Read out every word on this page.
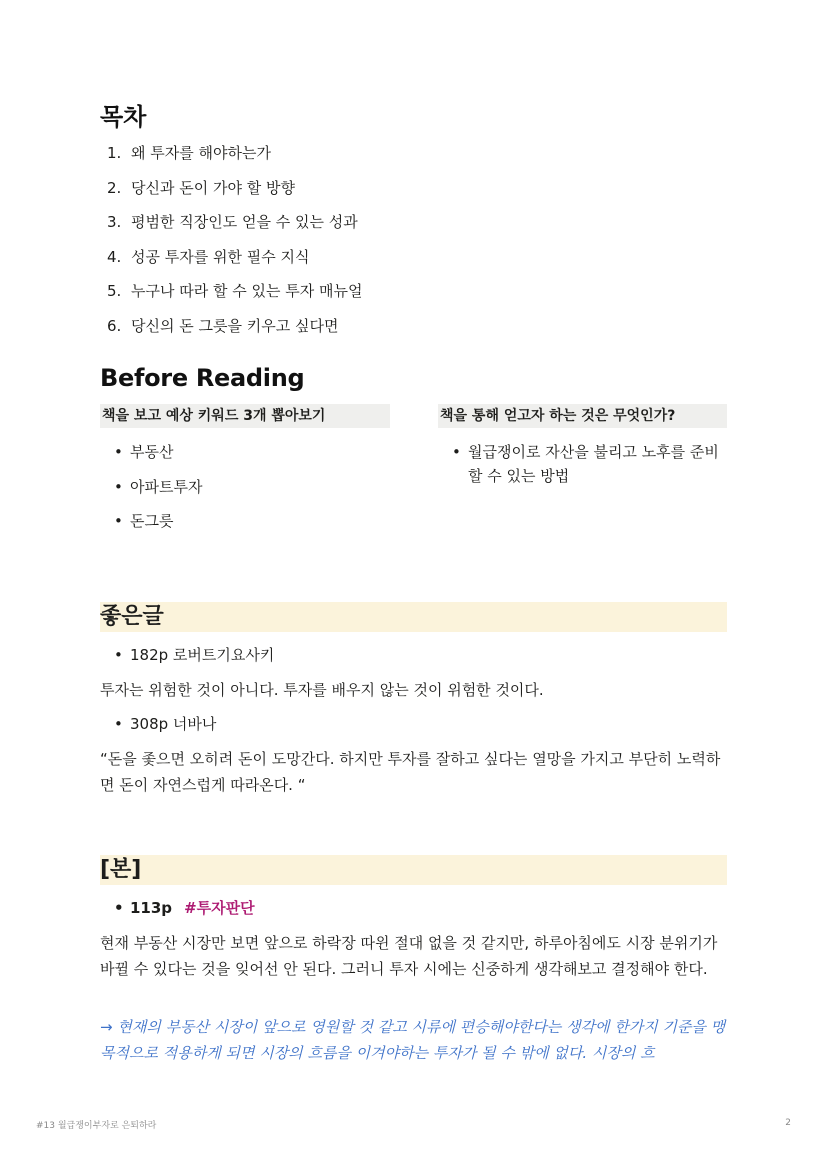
목차
1. 왜 투자를 해야하는가
2. 당신과 돈이 가야 할 방향
3. 평범한 직장인도 얻을 수 있는 성과
4. 성공 투자를 위한 필수 지식
5. 누구나 따라 할 수 있는 투자 매뉴얼
6. 당신의 돈 그릇을 키우고 싶다면
Before Reading
책을 보고 예상 키워드 3개 뽑아보기
• 부동산
• 아파트투자
• 돈그릇
책을 통해 얻고자 하는 것은 무엇인가?
• 월급쟁이로 자산을 불리고 노후를 준비할 수 있는 방법
좋은글
• 182p 로버트기요사키

투자는 위험한 것이 아니다. 투자를 배우지 않는 것이 위험한 것이다.

• 308p 너바나

“돈을 좇으면 오히려 돈이 도망간다. 하지만 투자를 잘하고 싶다는 열망을 가지고 부단히 노력하면 돈이 자연스럽게 따라온다. “

[본]
• 113p #투자판단

현재 부동산 시장만 보면 앞으로 하락장 따윈 절대 없을 것 같지만, 하루아침에도 시장 분위기가 바뀔 수 있다는 것을 잊어선 안 된다. 그러니 투자 시에는 신중하게 생각해보고 결정해야 한다.

→ 현재의 부동산 시장이 앞으로 영원할 것 같고 시류에 편승해야한다는 생각에 한가지 기준을 맹목적으로 적용하게 되면 시장의 흐름을 이겨야하는 투자가 될 수 밖에 없다. 시장의 흐

#13 월급쟁이부자로 은퇴하라	2
